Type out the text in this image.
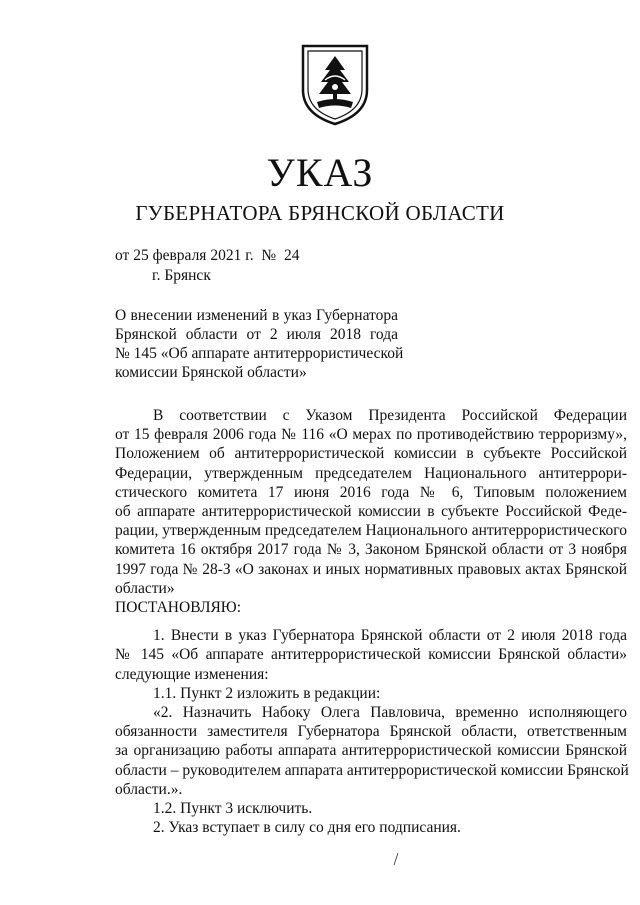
УКАЗ
ГУБЕРНАТОРА БРЯНСКОЙ ОБЛАСТИ
от 25 февраля 2021 г.  №  24
г. Брянск
О внесении изменений в указ Губернатора
Брянской области от 2 июля 2018 года
№ 145 «Об аппарате антитеррористической
комиссии Брянской области»
В соответствии с Указом Президента Российской Федерации
от 15 февраля 2006 года № 116 «О мерах по противодействию терроризму»,
Положением об антитеррористической комиссии в субъекте Российской
Федерации, утвержденным председателем Национального антитеррори-
стического комитета 17 июня 2016 года № 6, Типовым положением
об аппарате антитеррористической комиссии в субъекте Российской Феде-
рации, утвержденным председателем Национального антитеррористического
комитета 16 октября 2017 года № 3, Законом Брянской области от 3 ноября
1997 года № 28-З «О законах и иных нормативных правовых актах Брянской
области»
ПОСТАНОВЛЯЮ:
1. Внести в указ Губернатора Брянской области от 2 июля 2018 года
№ 145 «Об аппарате антитеррористической комиссии Брянской области»
следующие изменения:
1.1. Пункт 2 изложить в редакции:
«2. Назначить Набоку Олега Павловича, временно исполняющего
обязанности заместителя Губернатора Брянской области, ответственным
за организацию работы аппарата антитеррористической комиссии Брянской
области – руководителем аппарата антитеррористической комиссии Брянской
области.».
1.2. Пункт 3 исключить.
2. Указ вступает в силу со дня его подписания.
